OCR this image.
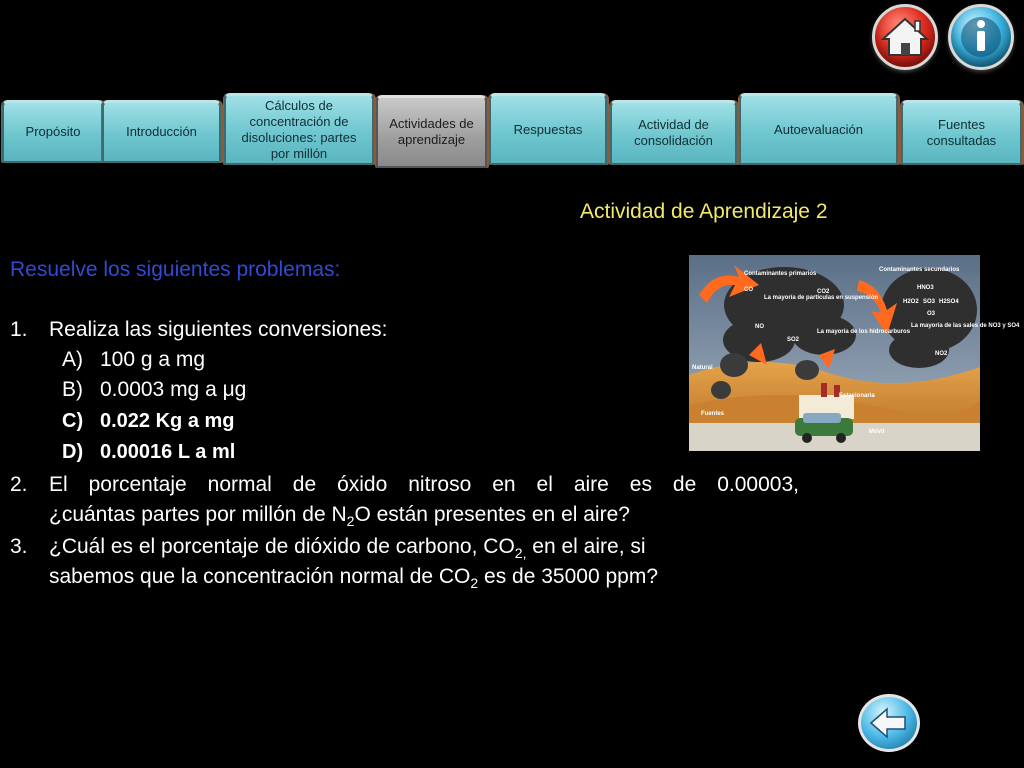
Propósito	Introducción
Cálculos de concentración de disoluciones: partes por millón
Actividades de aprendizaje
Respuestas	Actividad de consolidación
Autoevaluación	Fuentes consultadas
Actividad de Aprendizaje 2
Resuelve los siguientes problemas:
1. Realiza las siguientes conversiones:
A) 100 g a mg
B) 0.0003 mg a μg
C) 0.022 Kg a mg
D) 0.00016 L a ml
2. El porcentaje normal de óxido nitroso en el aire es de 0.00003,
¿cuántas partes por millón de $N_2O$ están presentes en el aire?
3. ¿Cuál es el porcentaje de dióxido de carbono, $CO_{2,}$ en el aire, si
sabemos que la concentración normal de $CO_2$ es de 35000 ppm?
Contaminantes primarios
Contaminantes secundarios
CO	CO2
NO
SO2
La mayoría de partículas en suspensión
La mayoría de los hidrocarburos
HNO3
H2SO4
H2O2 SO3
O3
La mayoría de las sales de NO3 y SO4
NO2
Natural
Estacionaria
Fuentes
Móvil
